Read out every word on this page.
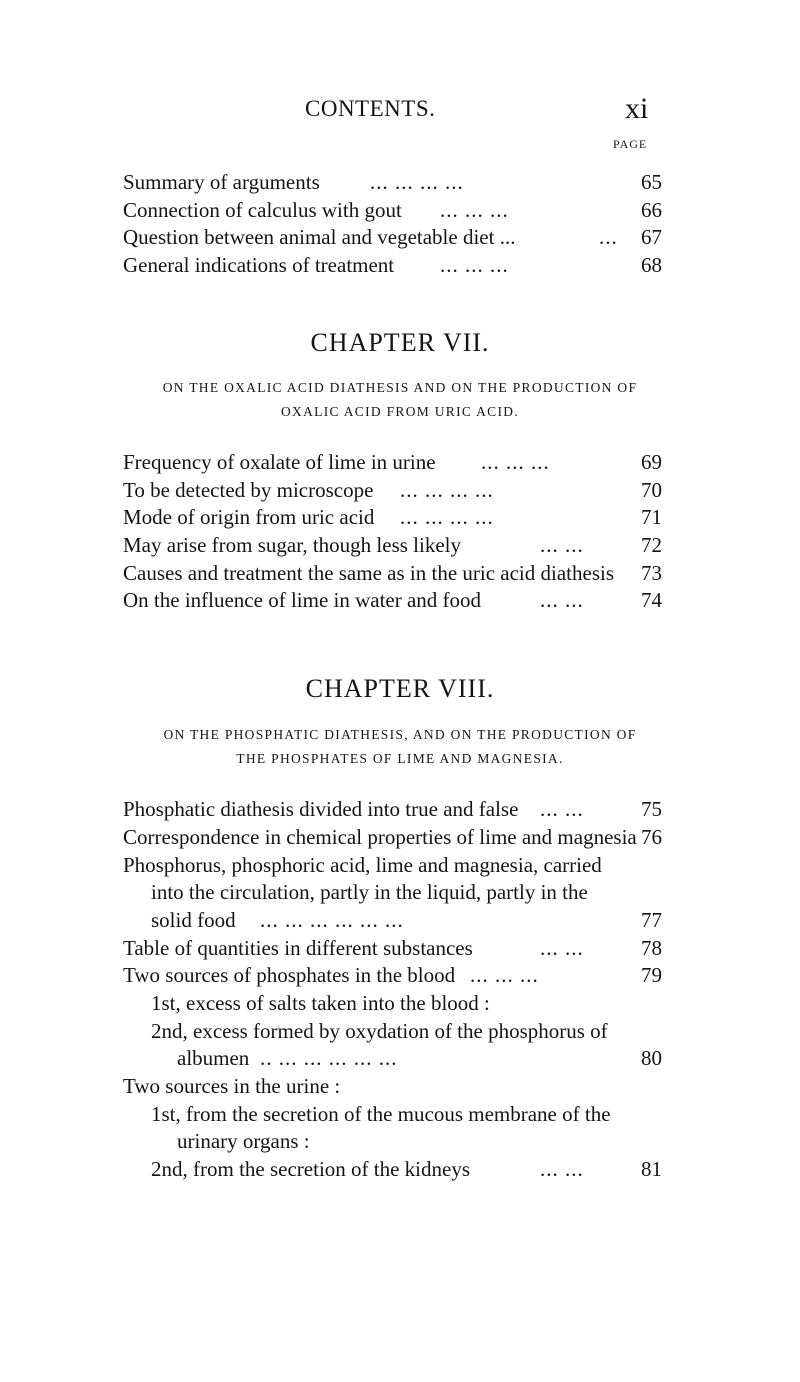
CONTENTS.	xi
PAGE
Summary of arguments ... ... ... ...	65
Connection of calculus with gout ... ... ...	66
Question between animal and vegetable diet ...	... 67
General indications of treatment ... ... ...	68
CHAPTER VII.
ON THE OXALIC ACID DIATHESIS AND ON THE PRODUCTION OF
OXALIC ACID FROM URIC ACID.
Frequency of oxalate of lime in urine ... ... ...	69
To be detected by microscope ... ... ... ...	70
Mode of origin from uric acid ... ... ... ...	71
May arise from sugar, though less likely	... ...	72
Causes and treatment the same as in the uric acid diathesis 73
On the influence of lime in water and food	... ...	74
CHAPTER VIII.
ON THE PHOSPHATIC DIATHESIS, AND ON THE PRODUCTION OF
THE PHOSPHATES OF LIME AND MAGNESIA.
Phosphatic diathesis divided into true and false ... ...	75
Correspondence in chemical properties of lime and magnesia 76
Phosphorus, phosphoric acid, lime and magnesia, carried
into the circulation, partly in the liquid, partly in the
solid food ... ... ... ... ... ...	77
Table of quantities in different substances	... ...	78
Two sources of phosphates in the blood ... ... ...	79
1st, excess of salts taken into the blood :
2nd, excess formed by oxydation of the phosphorus of
albumen .. ... ... ... ... ...	80
Two sources in the urine :
1st, from the secretion of the mucous membrane of the
urinary organs :
2nd, from the secretion of the kidneys	... ...	81
